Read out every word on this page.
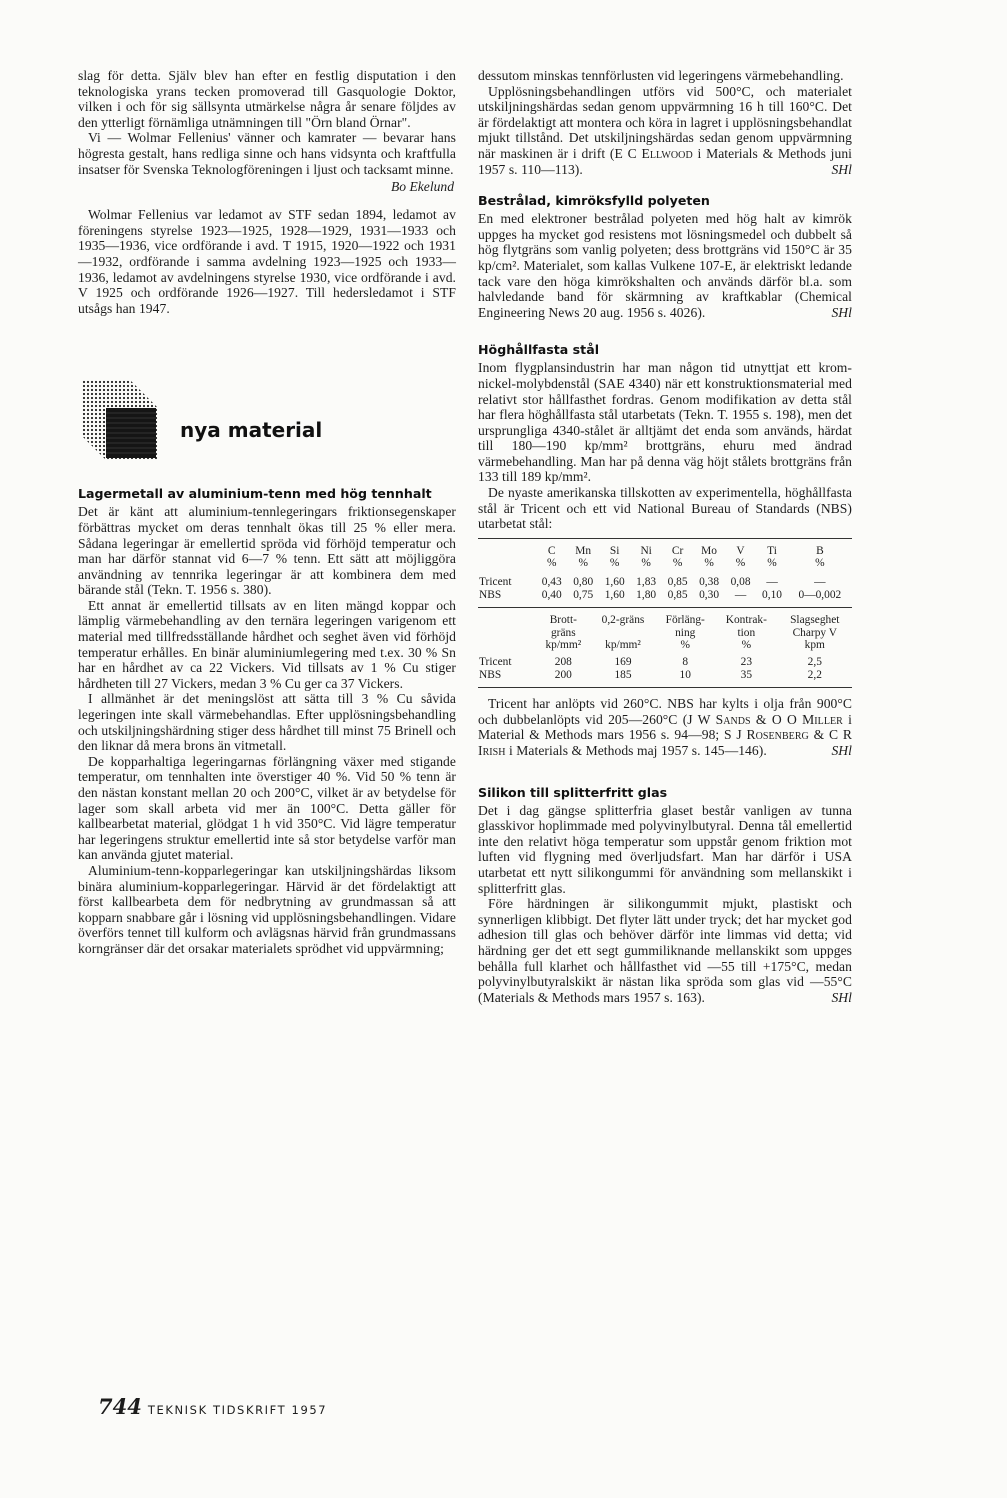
slag för detta. Själv blev han efter en festlig disputation i den teknologiska yrans tecken promoverad till Gasquologie Doktor, vilken i och för sig sällsynta utmärkelse några år senare följdes av den ytterligt förnämliga utnämningen till "Örn bland Örnar".

Vi — Wolmar Fellenius' vänner och kamrater — bevarar hans högresta gestalt, hans redliga sinne och hans vidsynta och kraftfulla insatser för Svenska Teknologföreningen i ljust och tacksamt minne.

Bo Ekelund

Wolmar Fellenius var ledamot av STF sedan 1894, ledamot av föreningens styrelse 1923—1925, 1928—1929, 1931—1933 och 1935—1936, vice ordförande i avd. T 1915, 1920—1922 och 1931—1932, ordförande i samma avdelning 1923—1925 och 1933—1936, ledamot av avdelningens styrelse 1930, vice ordförande i avd. V 1925 och ordförande 1926—1927. Till hedersledamot i STF utsågs han 1947.

nya material
Lagermetall av aluminium-tenn med hög tennhalt

Det är känt att aluminium-tennlegeringars friktionsegenskaper förbättras mycket om deras tennhalt ökas till 25 % eller mera. Sådana legeringar är emellertid spröda vid förhöjd temperatur och man har därför stannat vid 6—7 % tenn. Ett sätt att möjliggöra användning av tennrika legeringar är att kombinera dem med bärande stål (Tekn. T. 1956 s. 380).

Ett annat är emellertid tillsats av en liten mängd koppar och lämplig värmebehandling av den ternära legeringen varigenom ett material med tillfredsställande hårdhet och seghet även vid förhöjd temperatur erhålles. En binär aluminiumlegering med t.ex. 30 % Sn har en hårdhet av ca 22 Vickers. Vid tillsats av 1 % Cu stiger hårdheten till 27 Vickers, medan 3 % Cu ger ca 37 Vickers.

I allmänhet är det meningslöst att sätta till 3 % Cu såvida legeringen inte skall värmebehandlas. Efter upplösningsbehandling och utskiljningshärdning stiger dess hårdhet till minst 75 Brinell och den liknar då mera brons än vitmetall.

De kopparhaltiga legeringarnas förlängning växer med stigande temperatur, om tennhalten inte överstiger 40 %. Vid 50 % tenn är den nästan konstant mellan 20 och 200°C, vilket är av betydelse för lager som skall arbeta vid mer än 100°C. Detta gäller för kallbearbetat material, glödgat 1 h vid 350°C. Vid lägre temperatur har legeringens struktur emellertid inte så stor betydelse varför man kan använda gjutet material.

Aluminium-tenn-kopparlegeringar kan utskiljningshärdas liksom binära aluminium-kopparlegeringar. Härvid är det fördelaktigt att först kallbearbeta dem för nedbrytning av grundmassan så att kopparn snabbare går i lösning vid upplösningsbehandlingen. Vidare överförs tennet till kulform och avlägsnas härvid från grundmassans korngränser där det orsakar materialets sprödhet vid uppvärmning;

dessutom minskas tennförlusten vid legeringens värmebehandling.

Upplösningsbehandlingen utförs vid 500°C, och materialet utskiljningshärdas sedan genom uppvärmning 16 h till 160°C. Det är fördelaktigt att montera och köra in lagret i upplösningsbehandlat mjukt tillstånd. Det utskiljningshärdas sedan genom uppvärmning när maskinen är i drift (E C Ellwood i Materials & Methods juni 1957 s. 110—113).	SHl

Bestrålad, kimröksfylld polyeten

En med elektroner bestrålad polyeten med hög halt av kimrök uppges ha mycket god resistens mot lösningsmedel och dubbelt så hög flytgräns som vanlig polyeten; dess brottgräns vid 150°C är 35 kp/cm². Materialet, som kallas Vulkene 107-E, är elektriskt ledande tack vare den höga kimrökshalten och används därför bl.a. som halvledande band för skärmning av kraftkablar (Chemical Engineering News 20 aug. 1956 s. 4026).	SHl

Höghållfasta stål

Inom flygplansindustrin har man någon tid utnyttjat ett krom-nickel-molybdenstål (SAE 4340) när ett konstruktionsmaterial med relativt stor hållfasthet fordras. Genom modifikation av detta stål har flera höghållfasta stål utarbetats (Tekn. T. 1955 s. 198), men det ursprungliga 4340-stålet är alltjämt det enda som används, härdat till 180—190 kp/mm² brottgräns, ehuru med ändrad värmebehandling. Man har på denna väg höjt stålets brottgräns från 133 till 189 kp/mm².

De nyaste amerikanska tillskotten av experimentella, höghållfasta stål är Tricent och ett vid National Bureau of Standards (NBS) utarbetat stål:

	C	Mn	Si	Ni	Cr	Mo	V	Ti	B
	%	%	%	%	%	%	%	%	%

Tricent	0,43	0,80	1,60	1,83	0,85	0,38	0,08	—	—
NBS	0,40	0,75	1,60	1,80	0,85	0,30	—	0,10	0—0,002
	Brott-	0,2-gräns	Förläng-	Kontrak-	Slagseghet
	gräns		ning	tion	Charpy V
	kp/mm²	kp/mm²	%	%	kpm

Tricent	208	169	8	23	2,5
NBS	200	185	10	35	2,2

Tricent har anlöpts vid 260°C. NBS har kylts i olja från 900°C och dubbelanlöpts vid 205—260°C (J W Sands & O O Miller i Material & Methods mars 1956 s. 94—98; S J Rosenberg & C R Irish i Materials & Methods maj 1957 s. 145—146).	SHl

Silikon till splitterfritt glas

Det i dag gängse splitterfria glaset består vanligen av tunna glasskivor hoplimmade med polyvinylbutyral. Denna tål emellertid inte den relativt höga temperatur som uppstår genom friktion mot luften vid flygning med överljudsfart. Man har därför i USA utarbetat ett nytt silikongummi för användning som mellanskikt i splitterfritt glas.

Före härdningen är silikongummit mjukt, plastiskt och synnerligen klibbigt. Det flyter lätt under tryck; det har mycket god adhesion till glas och behöver därför inte limmas vid detta; vid härdning ger det ett segt gummiliknande mellanskikt som uppges behålla full klarhet och hållfasthet vid —55 till +175°C, medan polyvinylbutyralskikt är nästan lika spröda som glas vid —55°C (Materials & Methods mars 1957 s. 163).	SHl

744 TEKNISK TIDSKRIFT 1957
